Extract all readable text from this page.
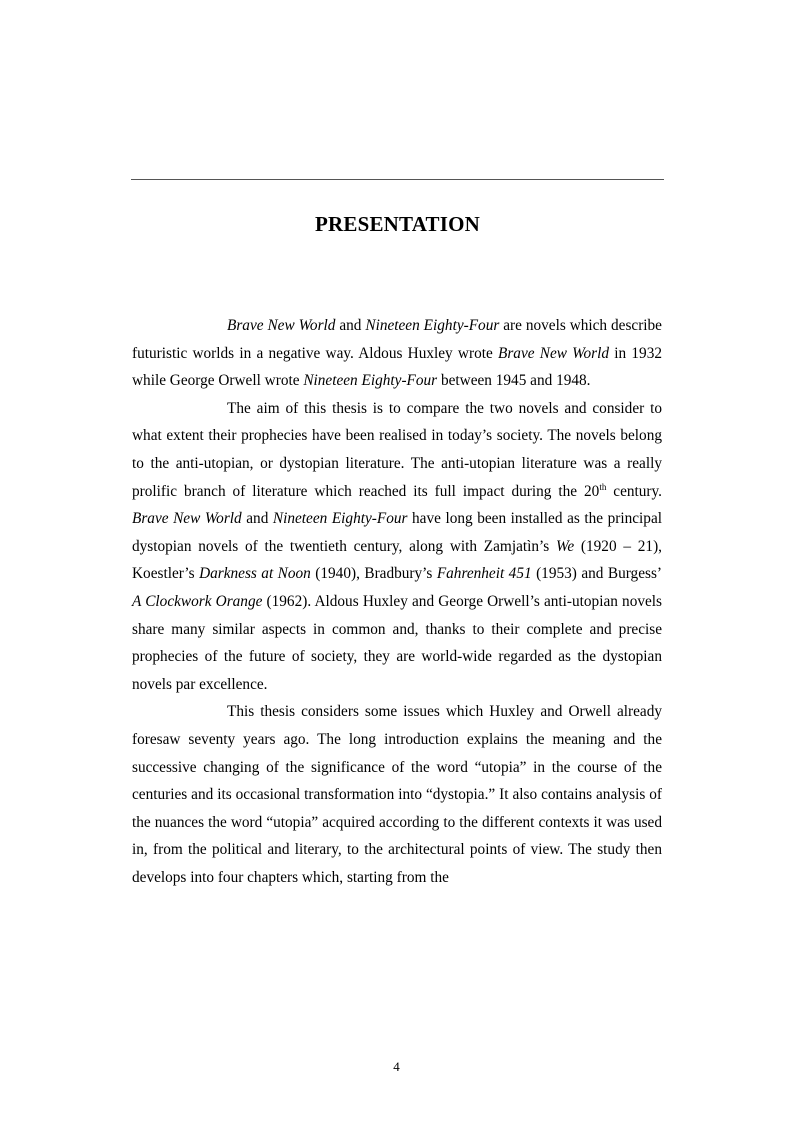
PRESENTATION

Brave New World and Nineteen Eighty-Four are novels which describe futuristic worlds in a negative way. Aldous Huxley wrote Brave New World in 1932 while George Orwell wrote Nineteen Eighty-Four between 1945 and 1948.

The aim of this thesis is to compare the two novels and consider to what extent their prophecies have been realised in today’s society. The novels belong to the anti-utopian, or dystopian literature. The anti-utopian literature was a really prolific branch of literature which reached its full impact during the 20th century. Brave New World and Nineteen Eighty-Four have long been installed as the principal dystopian novels of the twentieth century, along with Zamjatìn’s We (1920 – 21), Koestler’s Darkness at Noon (1940), Bradbury’s Fahrenheit 451 (1953) and Burgess’ A Clockwork Orange (1962). Aldous Huxley and George Orwell’s anti-utopian novels share many similar aspects in common and, thanks to their complete and precise prophecies of the future of society, they are world-wide regarded as the dystopian novels par excellence.

This thesis considers some issues which Huxley and Orwell already foresaw seventy years ago. The long introduction explains the meaning and the successive changing of the significance of the word “utopia” in the course of the centuries and its occasional transformation into “dystopia.” It also contains analysis of the nuances the word “utopia” acquired according to the different contexts it was used in, from the political and literary, to the architectural points of view. The study then develops into four chapters which, starting from the

4
